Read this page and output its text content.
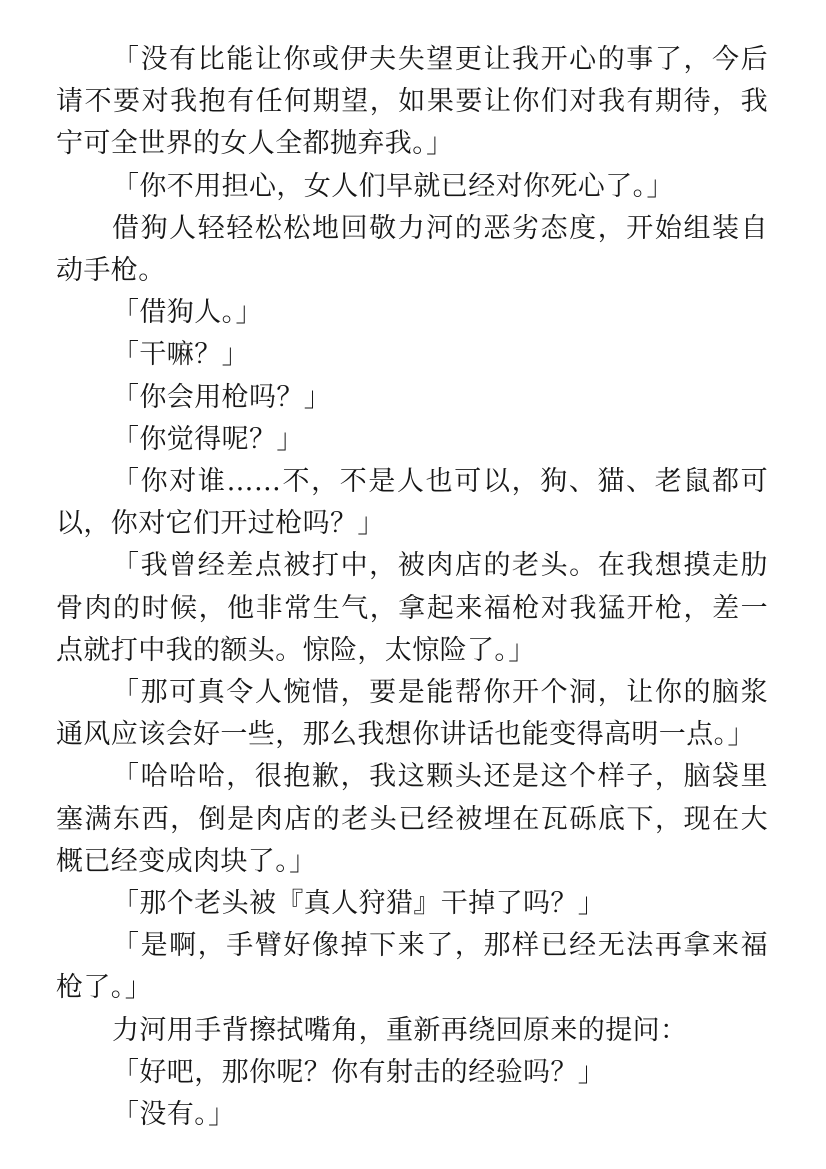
「没有比能让你或伊夫失望更让我开心的事了，今后请不要对我抱有任何期望，如果要让你们对我有期待，我宁可全世界的女人全都抛弃我。」

「你不用担心，女人们早就已经对你死心了。」

借狗人轻轻松松地回敬力河的恶劣态度，开始组装自动手枪。

「借狗人。」

「干嘛？」

「你会用枪吗？」

「你觉得呢？」

「你对谁……不，不是人也可以，狗、猫、老鼠都可以，你对它们开过枪吗？」

「我曾经差点被打中，被肉店的老头。在我想摸走肋骨肉的时候，他非常生气，拿起来福枪对我猛开枪，差一点就打中我的额头。惊险，太惊险了。」

「那可真令人惋惜，要是能帮你开个洞，让你的脑浆通风应该会好一些，那么我想你讲话也能变得高明一点。」

「哈哈哈，很抱歉，我这颗头还是这个样子，脑袋里塞满东西，倒是肉店的老头已经被埋在瓦砾底下，现在大概已经变成肉块了。」

「那个老头被『真人狩猎』干掉了吗？」

「是啊，手臂好像掉下来了，那样已经无法再拿来福枪了。」

力河用手背擦拭嘴角，重新再绕回原来的提问：

「好吧，那你呢？你有射击的经验吗？」

「没有。」
